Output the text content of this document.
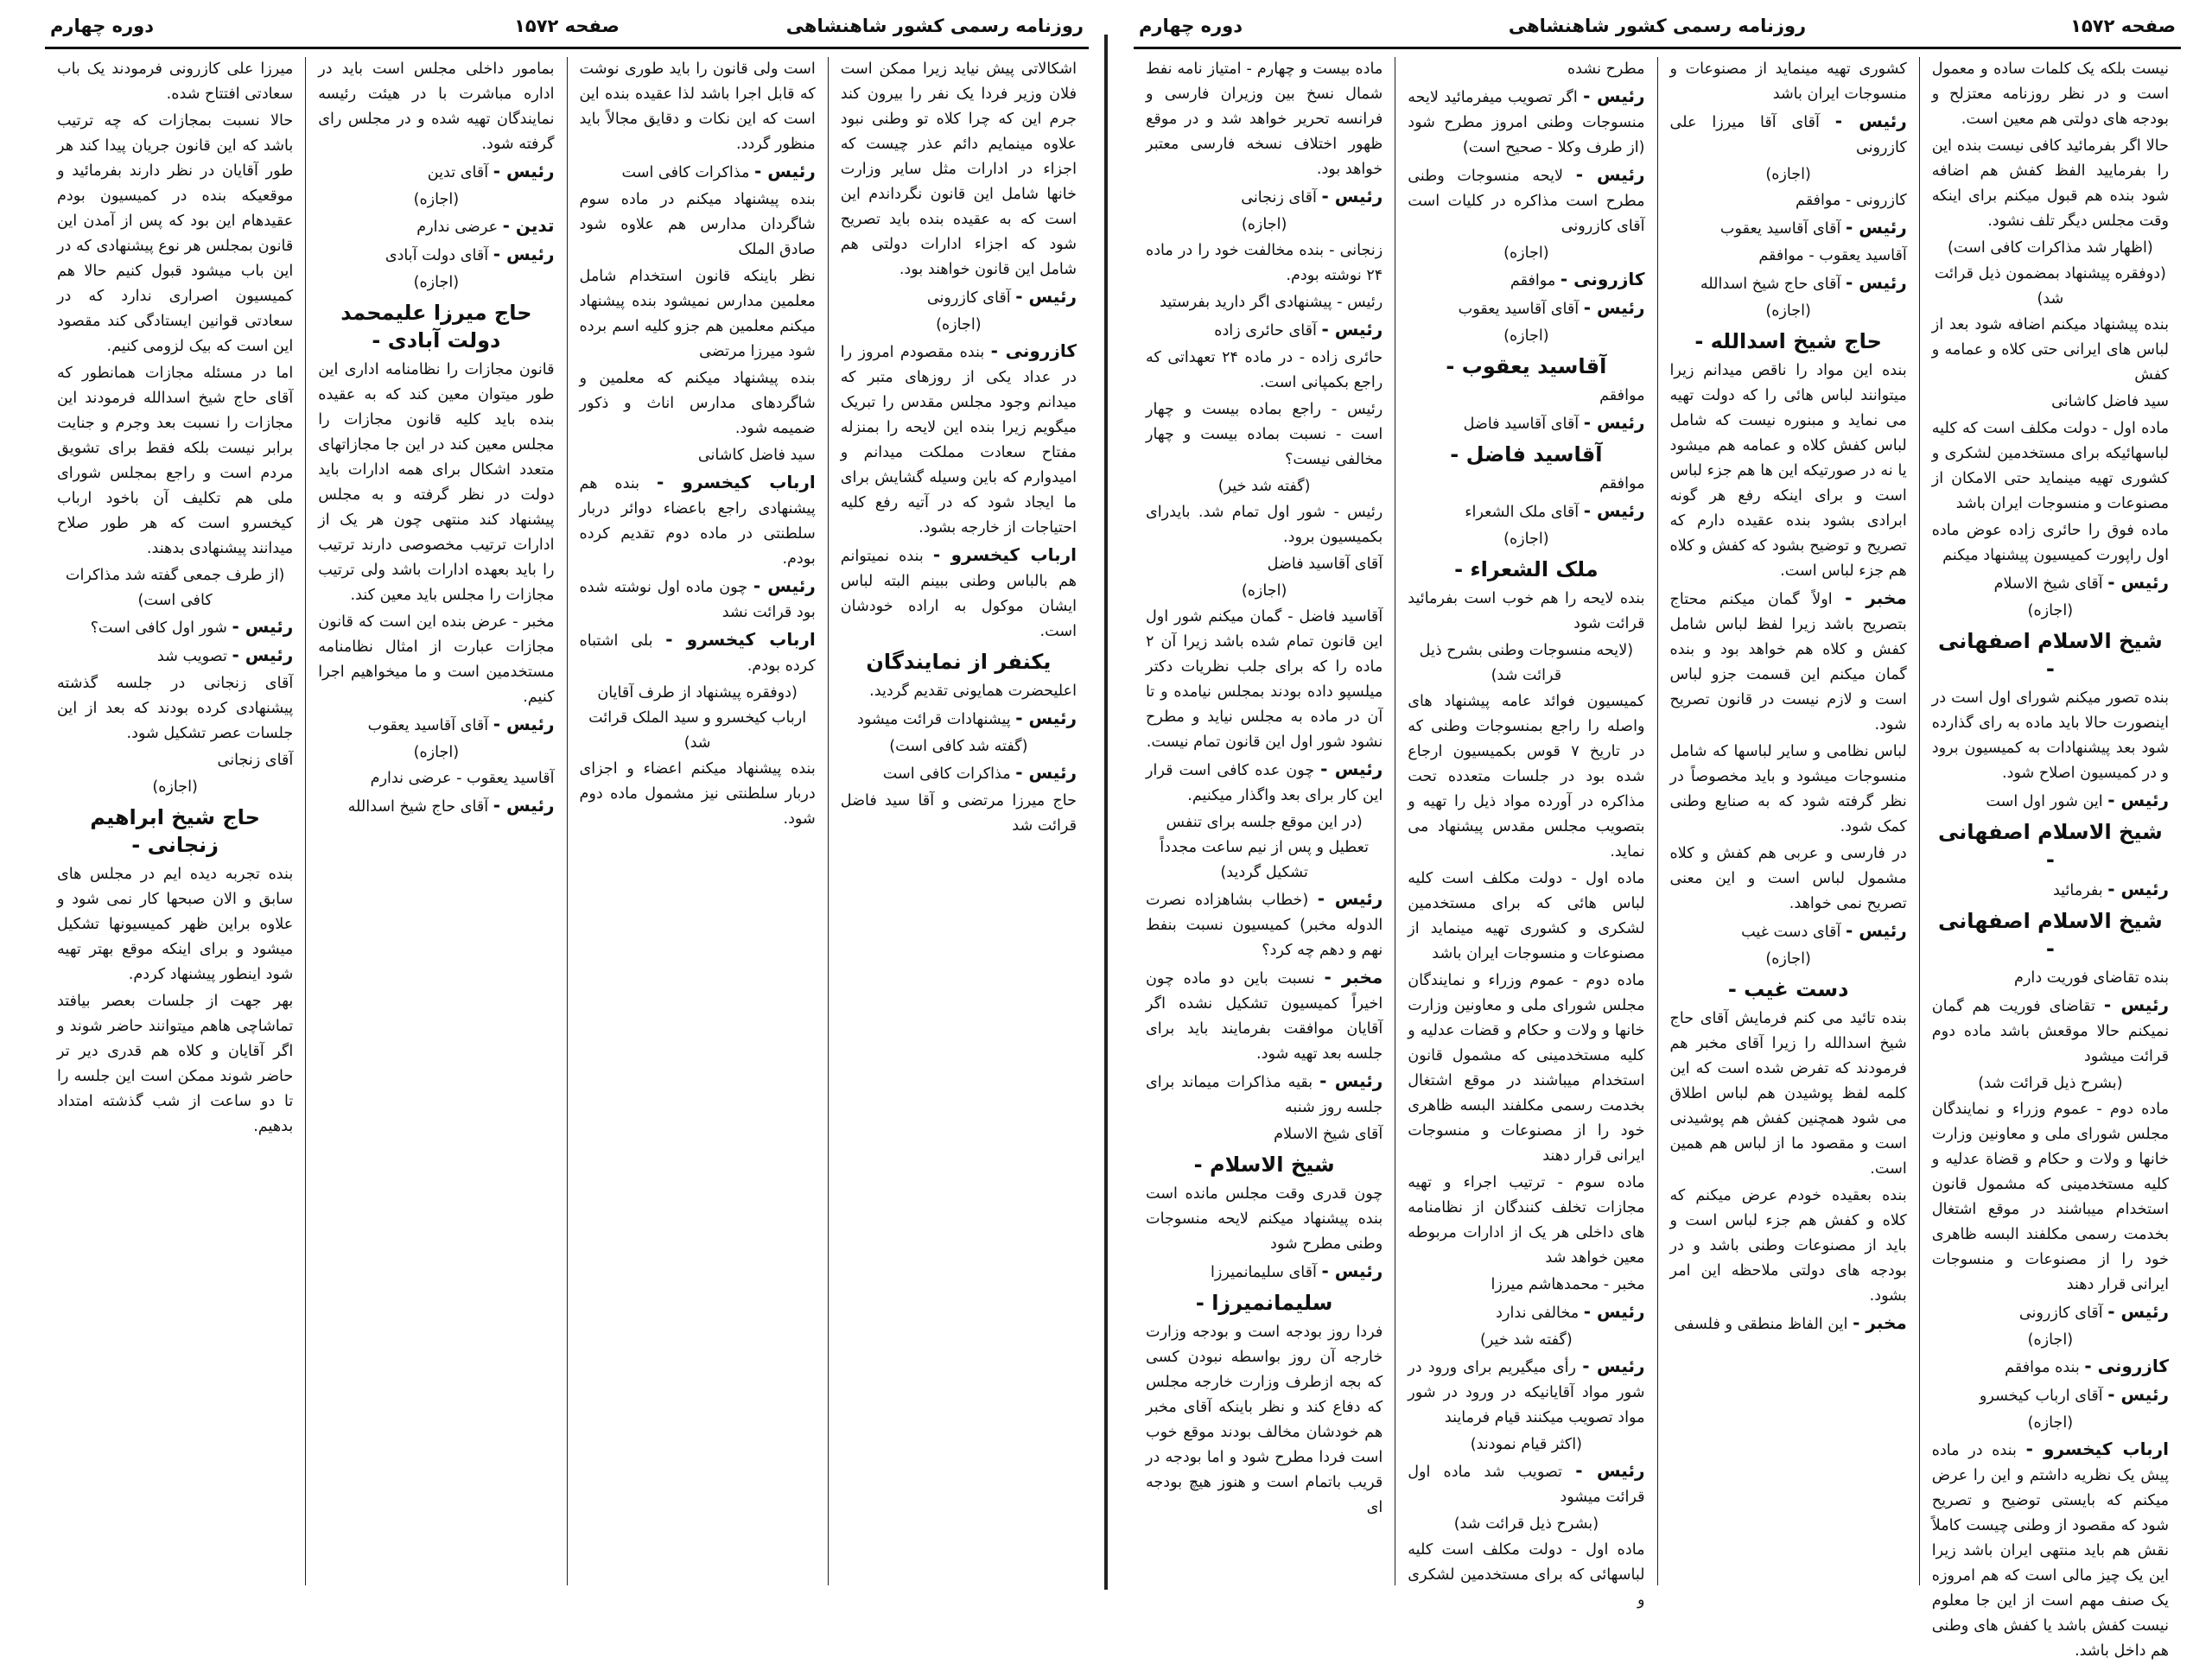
روزنامه رسمی کشور شاهنشاهی
صفحه ۱۵۷۲
دوره چهارم
اشکالاتی پیش نیاید زیرا ممکن است فلان وزیر فردا یک نفر را بیرون کند جرم این که چرا کلاه تو وطنی نبود علاوه مینمایم دائم عذر چیست که اجزاء در ادارات مثل سایر وزارت خانها شامل این قانون نگرداندم این است که به عقیده بنده باید تصریح شود که اجزاء ادارات دولتی هم شامل این قانون خواهند بود.
رئیس - آقای کازرونی
(اجازه)
کازرونی - بنده مقصودم امروز را در عداد یکی از روزهای متبر که میدانم وجود مجلس مقدس را تبریک میگویم زیرا بنده این لایحه را بمنزله مفتاح سعادت مملکت میدانم و امیدوارم که باین وسیله گشایش برای ما ایجاد شود که در آتیه رفع کلیه احتیاجات از خارجه بشود.
ارباب کیخسرو - بنده نمیتوانم هم بالباس وطنی ببینم البته لباس ایشان موکول به اراده خودشان است.
یکنفر از نمایندگان
اعلیحضرت همایونی تقدیم گردید.
رئیس - پیشنهادات قرائت میشود
(گفته شد کافی است)
رئیس - مذاکرات کافی است
حاج میرزا مرتضی و آقا سید فاضل قرائت شد
است ولی قانون را باید طوری نوشت که قابل اجرا باشد لذا عقیده بنده این است که این نکات و دقایق مجالاً باید منظور گردد.
رئیس - مذاکرات کافی است
بنده پیشنهاد میکنم در ماده سوم شاگردان مدارس هم علاوه شود صادق الملک
نظر باینکه قانون استخدام شامل معلمین مدارس نمیشود بنده پیشنهاد میکنم معلمین هم جزو کلیه اسم برده شود میرزا مرتضی
بنده پیشنهاد میکنم که معلمین و شاگردهای مدارس اناث و ذکور ضمیمه شود.
سید فاضل کاشانی
ارباب کیخسرو - بنده هم پیشنهادی راجع باعضاء دوائر دربار سلطنتی در ماده دوم تقدیم کرده بودم.
رئیس - چون ماده اول نوشته شده بود قرائت نشد
ارباب کیخسرو - بلی اشتباه کرده بودم.
(دوفقره پیشنهاد از طرف آقایان ارباب کیخسرو و سید الملک قرائت شد)
بنده پیشنهاد میکنم اعضاء و اجزای دربار سلطنتی نیز مشمول ماده دوم شود.
بمامور داخلی مجلس است باید در اداره مباشرت با در هیئت رئیسه نمایندگان تهیه شده و در مجلس رای گرفته شود.
رئیس - آقای تدین
(اجازه)
تدین - عرضی ندارم
رئیس - آقای دولت آبادی
(اجازه)
حاج میرزا علیمحمد دولت آبادی -
قانون مجازات را نظامنامه اداری این طور میتوان معین کند که به عقیده بنده باید کلیه قانون مجازات را مجلس معین کند در این جا مجازاتهای متعدد اشکال برای همه ادارات باید دولت در نظر گرفته و به مجلس پیشنهاد کند منتهی چون هر یک از ادارات ترتیب مخصوصی دارند ترتیب را باید بعهده ادارات باشد ولی ترتیب مجازات را مجلس باید معین کند.
مخبر - عرض بنده این است که قانون مجازات عبارت از امثال نظامنامه مستخدمین است و ما میخواهیم اجرا کنیم.
رئیس - آقای آقاسید یعقوب
(اجازه)
آقاسید یعقوب - عرضی ندارم
رئیس - آقای حاج شیخ اسدالله
میرزا علی کازرونی فرمودند یک باب سعادتی افتتاح شده.
حالا نسبت بمجازات که چه ترتیب باشد که این قانون جریان پیدا کند هر طور آقایان در نظر دارند بفرمائید و موقعیکه بنده در کمیسیون بودم عقیدهام این بود که پس از آمدن این قانون بمجلس هر نوع پیشنهادی که در این باب میشود قبول کنیم حالا هم کمیسیون اصراری ندارد که در سعادتی قوانین ایستادگی کند مقصود این است که بیک لزومی کنیم.
اما در مسئله مجازات همانطور که آقای حاج شیخ اسدالله فرمودند این مجازات را نسبت بعد وجرم و جنایت برابر نیست بلکه فقط برای تشویق مردم است و راجع بمجلس شورای ملی هم تکلیف آن باخود ارباب کیخسرو است که هر طور صلاح میدانند پیشنهادی بدهند.
(از طرف جمعی گفته شد مذاکرات کافی است)
رئیس - شور اول کافی است؟
رئیس - تصویب شد
آقای زنجانی در جلسه گذشته پیشنهادی کرده بودند که بعد از این جلسات عصر تشکیل شود.
آقای زنجانی
(اجازه)
حاج شیخ ابراهیم زنجانی -
بنده تجربه دیده ایم در مجلس های سابق و الان صبحها کار نمی شود و علاوه براین ظهر کمیسیونها تشکیل میشود و برای اینکه موقع بهتر تهیه شود اینطور پیشنهاد کردم.
بهر جهت از جلسات بعصر بیافتد تماشاچی هاهم میتوانند حاضر شوند و اگر آقایان و کلاه هم قدری دیر تر حاضر شوند ممکن است این جلسه را تا دو ساعت از شب گذشته امتداد بدهیم.
صفحه ۱۵۷۲
روزنامه رسمی کشور شاهنشاهی
دوره چهارم
نیست بلکه یک کلمات ساده و معمول است و در نظر روزنامه معتزلح و بودجه های دولتی هم معین است.
حالا اگر بفرمائید کافی نیست بنده این را بفرمایید الفظ کفش هم اضافه شود بنده هم قبول میکنم برای اینکه وقت مجلس دیگر تلف نشود.
(اظهار شد مذاکرات کافی است)
(دوفقره پیشنهاد بمضمون ذیل قرائت شد)
بنده پیشنهاد میکنم اضافه شود بعد از لباس های ایرانی حتی کلاه و عمامه و کفش
سید فاضل کاشانی
ماده اول - دولت مکلف است که کلیه لباسهائیکه برای مستخدمین لشکری و کشوری تهیه مینماید حتی الامکان از مصنوعات و منسوجات ایران باشد
ماده فوق را حائری زاده عوض ماده اول راپورت کمیسیون پیشنهاد میکنم
رئیس - آقای شیخ الاسلام
(اجازه)
شیخ الاسلام اصفهانی -
بنده تصور میکنم شورای اول است در اینصورت حالا باید ماده به رای گذارده شود بعد پیشنهادات به کمیسیون برود و در کمیسیون اصلاح شود.
رئیس - این شور اول است
شیخ الاسلام اصفهانی -
رئیس - بفرمائید
شیخ الاسلام اصفهانی -
بنده تقاضای فوریت دارم
رئیس - تقاضای فوریت هم گمان نمیکنم حالا موقعش باشد ماده دوم قرائت میشود
(بشرح ذیل قرائت شد)
ماده دوم - عموم وزراء و نمایندگان مجلس شورای ملی و معاونین وزارت خانها و ولات و حکام و قضاة عدلیه و کلیه مستخدمینی که مشمول قانون استخدام میباشند در موقع اشتغال بخدمت رسمی مکلفند البسه ظاهری خود را از مصنوعات و منسوجات ایرانی قرار دهند
رئیس - آقای کازرونی
(اجازه)
کازرونی - بنده موافقم
رئیس - آقای ارباب کیخسرو
(اجازه)
ارباب کیخسرو - بنده در ماده پیش یک نظریه داشتم و این را عرض میکنم که بایستی توضیح و تصریح شود که مقصود از وطنی چیست کاملاً نقش هم باید منتهی ایران باشد زیرا این یک چیز مالی است که هم امروزه یک صنف مهم است از این جا معلوم نیست کفش باشد یا کفش های وطنی هم داخل باشد.
کشوری تهیه مینماید از مصنوعات و منسوجات ایران باشد
رئیس - آقای آقا میرزا علی کازرونی
(اجازه)
کازرونی - موافقم
رئیس - آقای آقاسید یعقوب
آقاسید یعقوب - موافقم
رئیس - آقای حاج شیخ اسدالله
(اجازه)
حاج شیخ اسدالله -
بنده این مواد را ناقص میدانم زیرا میتوانند لباس هائی را که دولت تهیه می نماید و مبنوره نیست که شامل لباس کفش کلاه و عمامه هم میشود یا نه در صورتیکه این ها هم جزء لباس است و برای اینکه رفع هر گونه ابرادی بشود بنده عقیده دارم که تصریح و توضیح بشود که کفش و کلاه هم جزء لباس است.
مخبر - اولاً گمان میکنم محتاج بتصریح باشد زیرا لفظ لباس شامل کفش و کلاه هم خواهد بود و بنده گمان میکنم این قسمت جزو لباس است و لازم نیست در قانون تصریح شود.
لباس نظامی و سایر لباسها که شامل منسوجات میشود و باید مخصوصاً در نظر گرفته شود که به صنایع وطنی کمک شود.
در فارسی و عربی هم کفش و کلاه مشمول لباس است و این معنی تصریح نمی خواهد.
رئیس - آقای دست غیب
(اجازه)
دست غیب -
بنده تائید می کنم فرمایش آقای حاج شیخ اسدالله را زیرا آقای مخبر هم فرمودند که تفرض شده است که این کلمه لفظ پوشیدن هم لباس اطلاق می شود همچنین کفش هم پوشیدنی است و مقصود ما از لباس هم همین است.
بنده بعقیده خودم عرض میکنم که کلاه و کفش هم جزء لباس است و باید از مصنوعات وطنی باشد و در بودجه های دولتی ملاحظه این امر بشود.
مخبر - این الفاظ منطقی و فلسفی
مطرح نشده
رئیس - اگر تصویب میفرمائید لایحه منسوجات وطنی امروز مطرح شود (از طرف وکلا - صحیح است)
رئیس - لایحه منسوجات وطنی مطرح است مذاکره در کلیات است آقای کازرونی
(اجازه)
کازرونی - موافقم
رئیس - آقای آقاسید یعقوب
(اجازه)
آقاسید یعقوب -
موافقم
رئیس - آقای آقاسید فاضل
آقاسید فاضل -
موافقم
رئیس - آقای ملک الشعراء
(اجازه)
ملک الشعراء -
بنده لایحه را هم خوب است بفرمائید قرائت شود
(لایحه منسوجات وطنی بشرح ذیل قرائت شد)
کمیسیون فوائد عامه پیشنهاد های واصله را راجع بمنسوجات وطنی که در تاریخ ۷ قوس بکمیسیون ارجاع شده بود در جلسات متعدده تحت مذاکره در آورده مواد ذیل را تهیه و بتصویب مجلس مقدس پیشنهاد می نماید.
ماده اول - دولت مکلف است کلیه لباس هائی که برای مستخدمین لشکری و کشوری تهیه مینماید از مصنوعات و منسوجات ایران باشد
ماده دوم - عموم وزراء و نمایندگان مجلس شورای ملی و معاونین وزارت خانها و ولات و حکام و قضات عدلیه و کلیه مستخدمینی که مشمول قانون استخدام میباشند در موقع اشتغال بخدمت رسمی مکلفند البسه ظاهری خود را از مصنوعات و منسوجات ایرانی قرار دهند
ماده سوم - ترتیب اجراء و تهیه مجازات تخلف کنندگان از نظامنامه های داخلی هر یک از ادارات مربوطه معین خواهد شد
مخبر - محمدهاشم میرزا
رئیس - مخالفی ندارد
(گفته شد خیر)
رئیس - رأی میگیریم برای ورود در شور مواد آقایانیکه در ورود در شور مواد تصویب میکنند قیام فرمایند
(اکثر قیام نمودند)
رئیس - تصویب شد ماده اول قرائت میشود
(بشرح ذیل قرائت شد)
ماده اول - دولت مکلف است کلیه لباسهائی که برای مستخدمین لشکری و
ماده بیست و چهارم - امتیاز نامه نفط شمال نسخ بین وزیران فارسی و فرانسه تحریر خواهد شد و در موقع ظهور اختلاف نسخه فارسی معتبر خواهد بود.
رئیس - آقای زنجانی
(اجازه)
زنجانی - بنده مخالفت خود را در ماده ۲۴ نوشته بودم.
رئیس - پیشنهادی اگر دارید بفرستید
رئیس - آقای حائری زاده
حائری زاده - در ماده ۲۴ تعهداتی که راجع بکمپانی است.
رئیس - راجع بماده بیست و چهار است - نسبت بماده بیست و چهار مخالفی نیست؟
(گفته شد خیر)
رئیس - شور اول تمام شد. بایدرای بکمیسیون برود.
آقای آقاسید فاضل
(اجازه)
آقاسید فاضل - گمان میکنم شور اول این قانون تمام شده باشد زیرا آن ۲ ماده را که برای جلب نظریات دکتر میلسپو داده بودند بمجلس نیامده و تا آن در ماده به مجلس نیاید و مطرح نشود شور اول این قانون تمام نیست.
رئیس - چون عده کافی است قرار این کار برای بعد واگذار میکنیم.
(در این موقع جلسه برای تنفس تعطیل و پس از نیم ساعت مجدداً تشکیل گردید)
رئیس - (خطاب بشاهزاده نصرت الدوله مخبر) کمیسیون نسبت بنفط نهم و دهم چه کرد؟
مخبر - نسبت باین دو ماده چون اخیراً کمیسیون تشکیل نشده اگر آقایان موافقت بفرمایند باید برای جلسه بعد تهیه شود.
رئیس - بقیه مذاکرات میماند برای جلسه روز شنبه
آقای شیخ الاسلام
شیخ الاسلام -
چون قدری وقت مجلس مانده است بنده پیشنهاد میکنم لایحه منسوجات وطنی مطرح شود
رئیس - آقای سلیمانمیرزا
سلیمانمیرزا -
فردا روز بودجه است و بودجه وزارت خارجه آن روز بواسطه نبودن کسی که بجه ازطرف وزارت خارجه مجلس که دفاع کند و نظر باینکه آقای مخبر هم خودشان مخالف بودند موقع خوب است فردا مطرح شود و اما بودجه در قریب باتمام است و هنوز هیچ بودجه ای
